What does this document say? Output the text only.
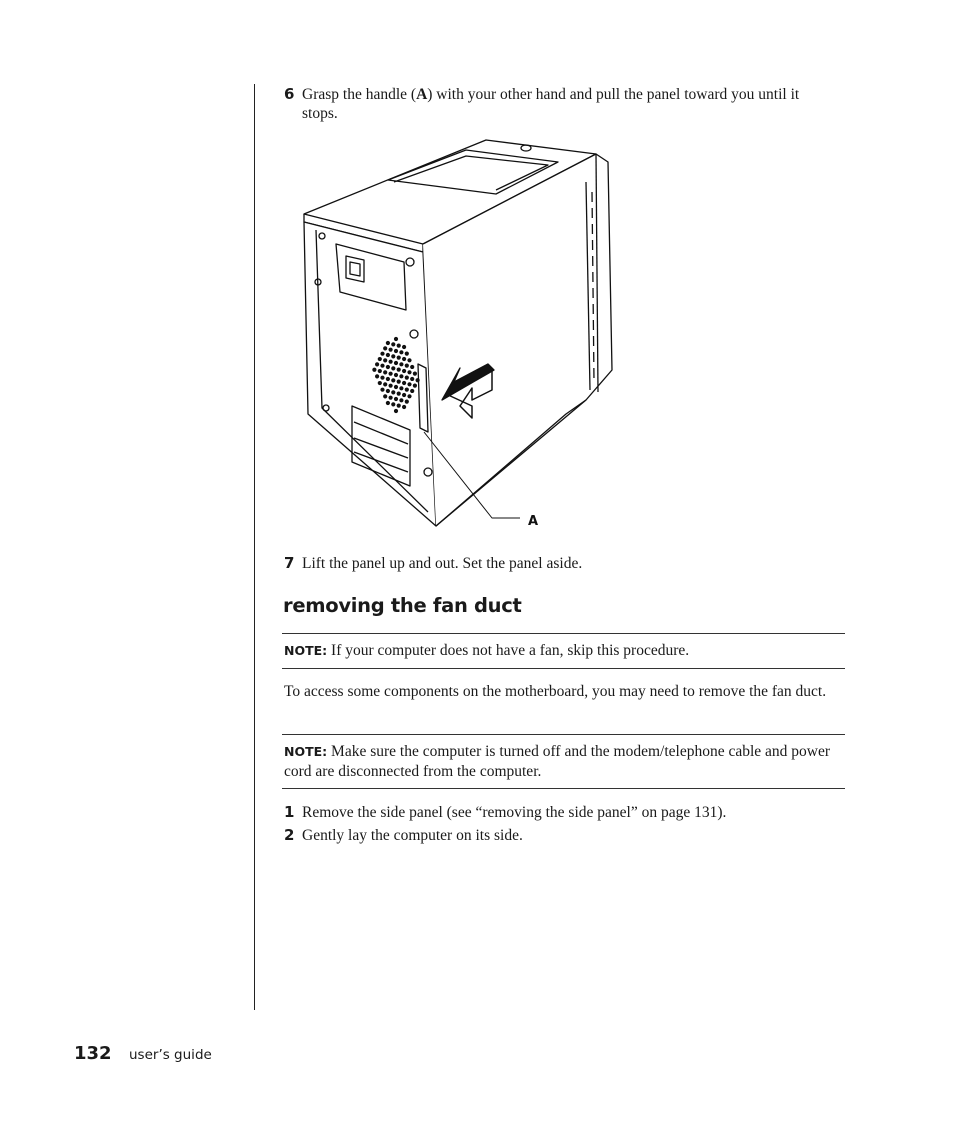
6 Grasp the handle (A) with your other hand and pull the panel toward you until it stops.
A
7 Lift the panel up and out. Set the panel aside.
removing the fan duct
NOTE: If your computer does not have a fan, skip this procedure.
To access some components on the motherboard, you may need to remove the fan duct.
NOTE: Make sure the computer is turned off and the modem/telephone cable and power cord are disconnected from the computer.
1 Remove the side panel (see “removing the side panel” on page 131).
2 Gently lay the computer on its side.
132 user’s guide
